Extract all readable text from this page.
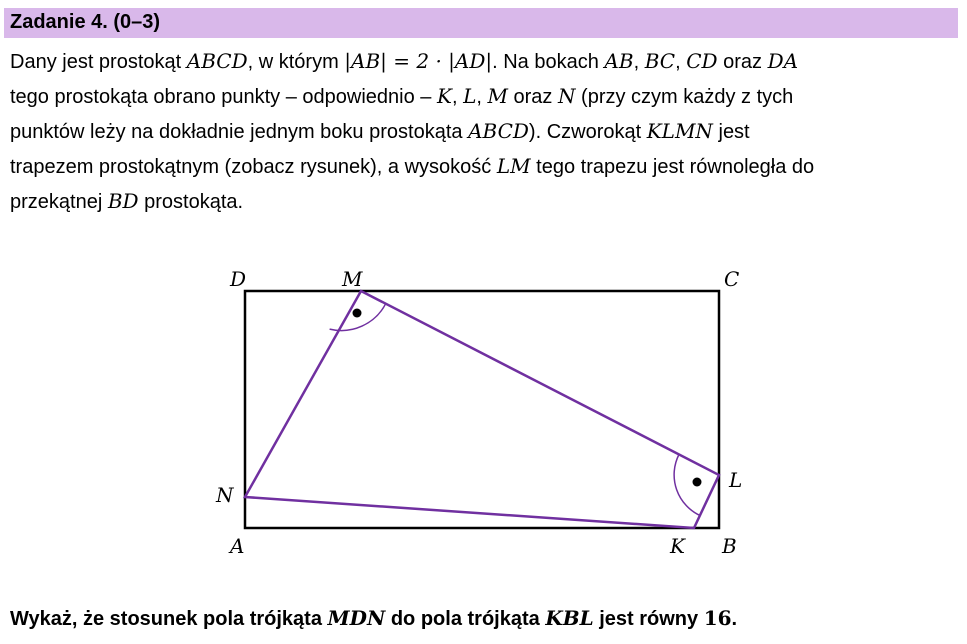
Zadanie 4. (0–3)
Dany jest prostokąt ABCD, w którym |AB| = 2 · |AD|. Na bokach AB, BC, CD oraz DA
tego prostokąta obrano punkty – odpowiednio – K, L, M oraz N (przy czym każdy z tych
punktów leży na dokładnie jednym boku prostokąta ABCD). Czworokąt KLMN jest
trapezem prostokątnym (zobacz rysunek), a wysokość LM tego trapezu jest równoległa do
przekątnej BD prostokąta.
D	M	C
L
N
A	K B
Wykaż, że stosunek pola trójkąta MDN do pola trójkąta KBL jest równy 16.
